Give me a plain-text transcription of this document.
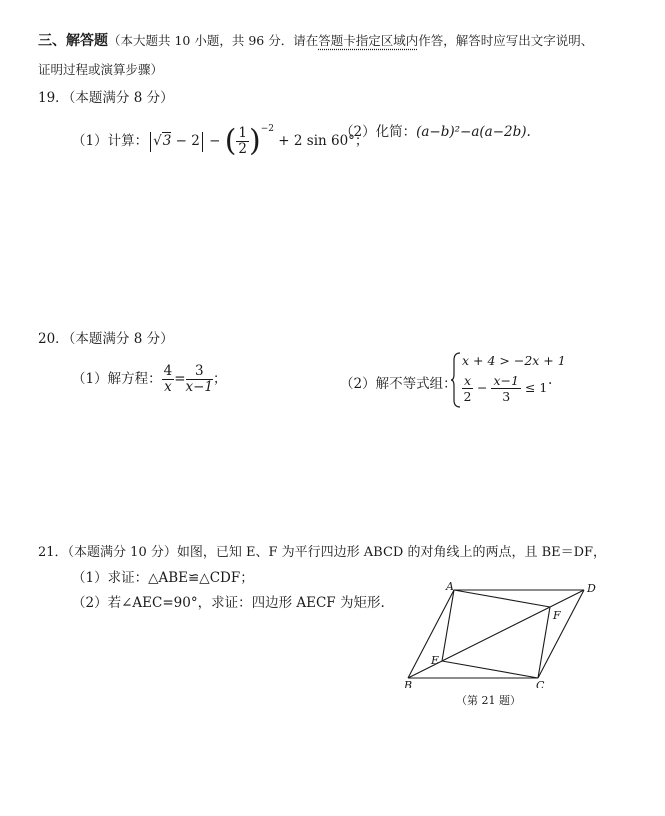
三、解答题（本大题共 10 小题，共 96 分．请在答题卡指定区域内作答，解答时应写出文字说明、
证明过程或演算步骤）
19．（本题满分 8 分）
（1）计算： √3 − 2 − ( $\frac{1}{2} )^{-2} + 2$ sin 60°；
（2）化简：(a−b)²−a(a−2b).
20．（本题满分 8 分）
（1）解方程： $\frac{4}{x} = \frac{3}{x-1}$ ；	（2）解不等式组：
x + 4 > −2x + 1
$\frac{x}{2} - \frac{x-1}{3} \le 1$ .
21．（本题满分 10 分）如图，已知 E、F 为平行四边形 ABCD 的对角线上的两点，且 BE＝DF，
（1）求证：△ABE≌△CDF；
（2）若∠AEC=90°，求证：四边形 AECF 为矩形.
A	D
B	C
E
F
（第 21 题）
